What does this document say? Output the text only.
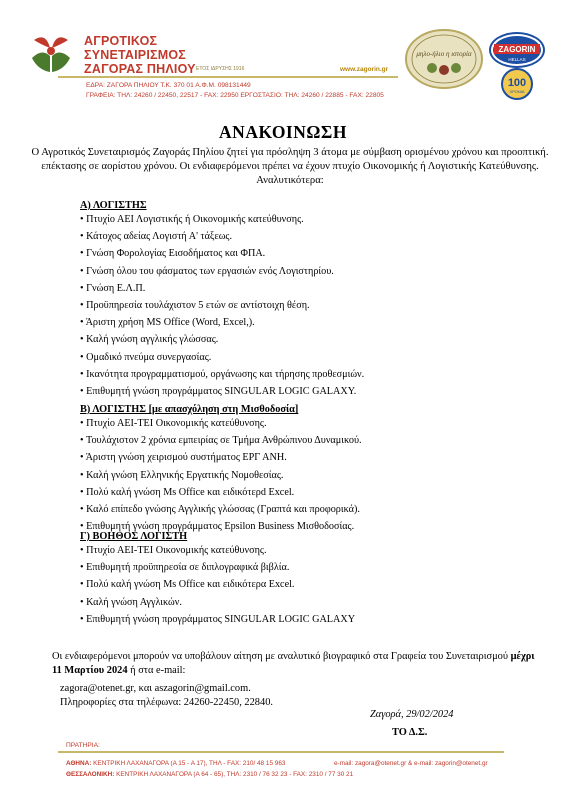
ΑΓΡΟΤΙΚΟΣ
ΣΥΝΕΤΑΙΡΙΣΜΟΣ
ΖΑΓΟΡΑΣ ΠΗΛΙΟΥ ΕΤΟΣ ΙΔΡΥΣΗΣ 1916	www.zagorin.gr
ΕΔΡΑ: ΖΑΓΟΡΑ ΠΗΛΙΟΥ Τ.Κ. 370 01 Α.Φ.Μ. 098131449
ΓΡΑΦΕΙΑ: ΤΗΛ: 24260 / 22450, 22517 - FAX: 22950 ΕΡΓΟΣΤΑΣΙΟ: ΤΗΛ: 24260 / 22885 - FAX: 22805
μηλο-ήλιο η ιστορία	ZAGORIN
HELLAS
100
ΧΡΟΝΙΑ
ΑΝΑΚΟΙΝΩΣΗ
Ο Αγροτικός Συνεταιρισμός Ζαγοράς Πηλίου ζητεί για πρόσληψη 3 άτομα με σύμβαση ορισμένου χρόνου και προοπτική. επέκτασης σε αορίστου χρόνου. Οι ενδιαφερόμενοι πρέπει να έχουν πτυχίο Οικονομικής ή Λογιστικής Κατεύθυνσης. Αναλυτικότερα:
Α) ΛΟΓΙΣΤΗΣ
• Πτυχίο ΑΕΙ Λογιστικής ή Οικονομικής κατεύθυνσης.
• Κάτοχος αδείας Λογιστή Α' τάξεως.
• Γνώση Φορολογίας Εισοδήματος και ΦΠΑ.
• Γνώση όλου του φάσματος των εργασιών ενός Λογιστηρίου.
• Γνώση Ε.Λ.Π.
• Προϋπηρεσία τουλάχιστον 5 ετών σε αντίστοιχη θέση.
• Άριστη χρήση MS Office (Word, Excel,).
• Καλή γνώση αγγλικής γλώσσας.
• Ομαδικό πνεύμα συνεργασίας.
• Ικανότητα προγραμματισμού, οργάνωσης και τήρησης προθεσμιών.
• Επιθυμητή γνώση προγράμματος SINGULAR LOGIC GALAXY.
Β) ΛΟΓΙΣΤΗΣ [με απασχόληση στη Μισθοδοσία]
• Πτυχίο ΑΕΙ-ΤΕΙ Οικονομικής κατεύθυνσης.
• Τουλάχιστον 2 χρόνια εμπειρίας σε Τμήμα Ανθρώπινου Δυναμικού.
• Άριστη γνώση χειρισμού συστήματος ΕΡΓ ΑΝΗ.
• Καλή γνώση Ελληνικής Εργατικής Νομοθεσίας.
• Πολύ καλή γνώση Ms Office και ειδικότερd Excel.
• Καλό επίπεδο γνώσης Αγγλικής γλώσσας (Γραπτά και προφορικά).
• Επιθυμητή γνώση προγράμματος Epsilon Business Μισθοδοσίας.
Γ) ΒΟΗΘΟΣ ΛΟΓΙΣΤΗ
• Πτυχίο ΑΕΙ-ΤΕΙ Οικονομικής κατεύθυνσης.
• Επιθυμητή προϋπηρεσία σε διπλογραφικά βιβλία.
• Πολύ καλή γνώση Ms Office και ειδικότερα Excel.
• Καλή γνώση Αγγλικών.
• Επιθυμητή γνώση προγράμματος SINGULAR LOGIC GALAXY
Οι ενδιαφερόμενοι μπορούν να υποβάλουν αίτηση με αναλυτικό βιογραφικό στα Γραφεία του Συνεταιρισμού μέχρι 11 Μαρτίου 2024 ή στα e-mail:
zagora@otenet.gr, και aszagorin@gmail.com.
Πληροφορίες στα τηλέφωνα: 24260-22450, 22840.
Ζαγορά, 29/02/2024
ΤΟ Δ.Σ.
ΠΡΑΤΗΡΙΑ:
ΑΘΗΝΑ: ΚΕΝΤΡΙΚΗ ΛΑΧΑΝΑΓΟΡΑ (Α 15 - Α 17), ΤΗΛ - FAX: 210/ 48 15 963	e-mail: zagora@otenet.gr & e-mail: zagorin@otenet.gr
ΘΕΣΣΑΛΟΝΙΚΗ: ΚΕΝΤΡΙΚΗ ΛΑΧΑΝΑΓΟΡΑ (Α 64 - 65), ΤΗΛ: 2310 / 76 32 23 - FAX: 2310 / 77 30 21
